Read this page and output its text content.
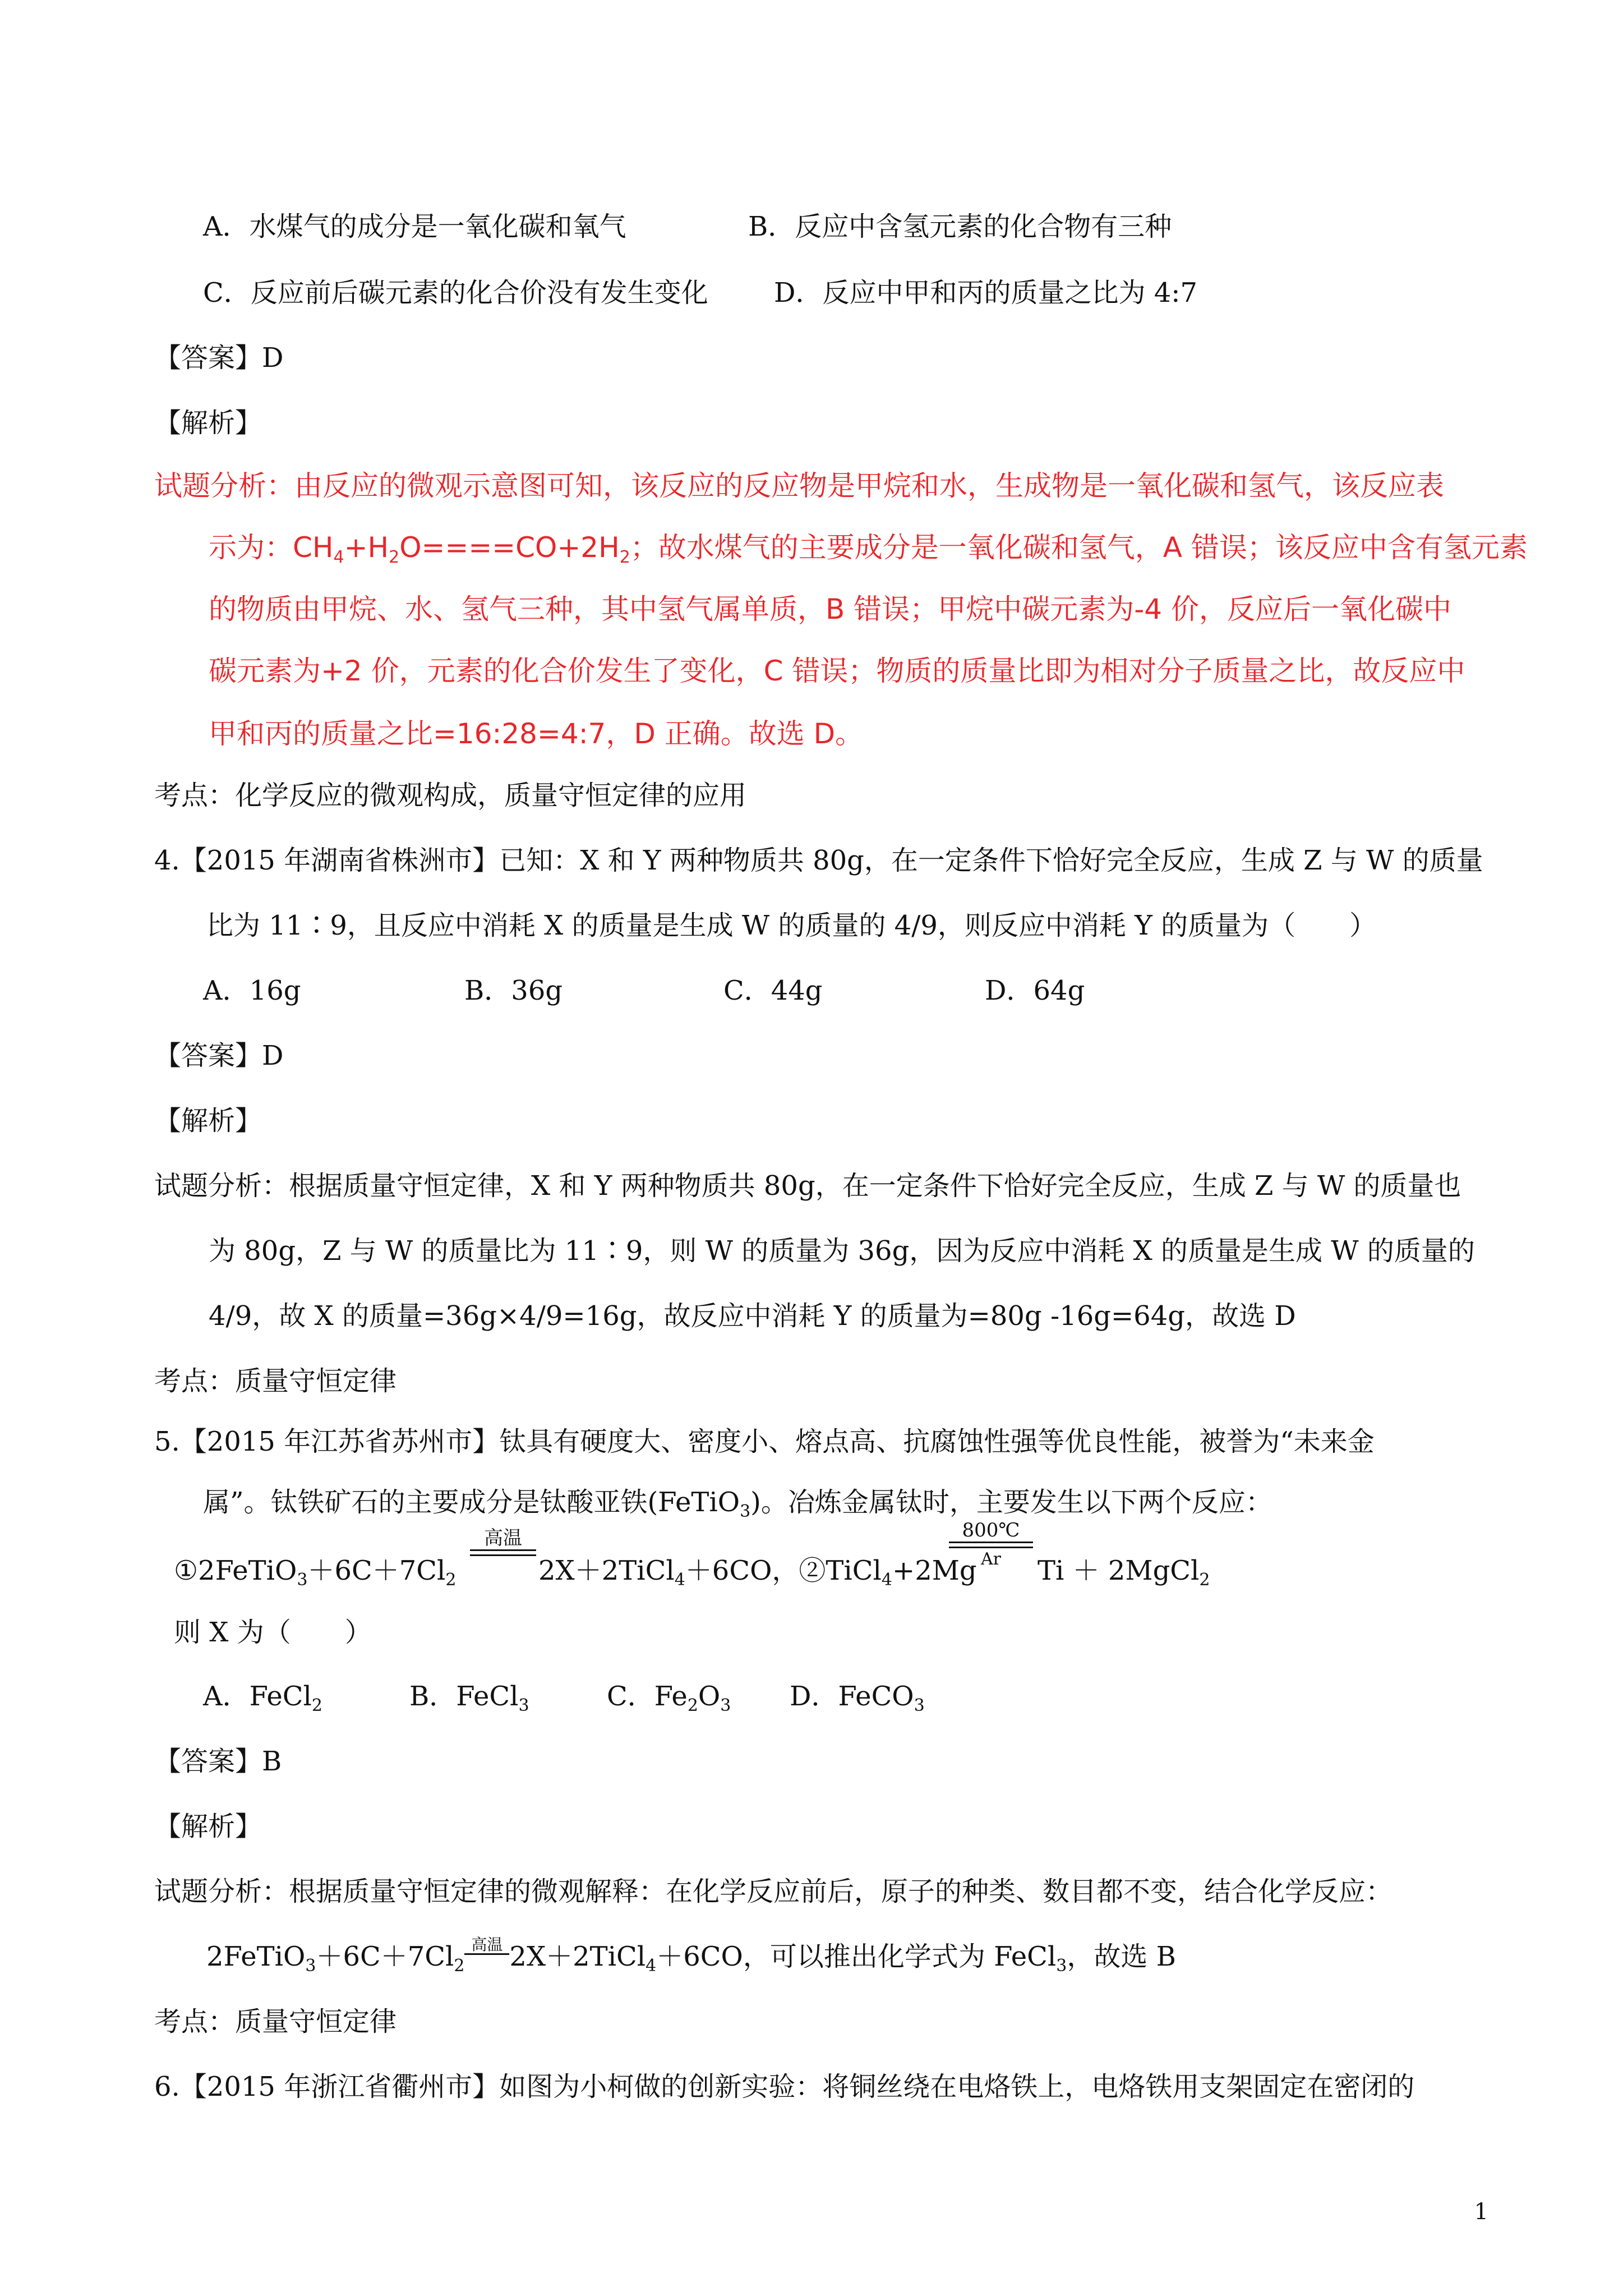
A．水煤气的成分是一氧化碳和氧气	B．反应中含氢元素的化合物有三种
C．反应前后碳元素的化合价没有发生变化 D．反应中甲和丙的质量之比为 4:7
【答案】D
【解析】
试题分析：由反应的微观示意图可知，该反应的反应物是甲烷和水，生成物是一氧化碳和氢气，该反应表
示为：$CH_4+H_2O====CO+2H_2$；故水煤气的主要成分是一氧化碳和氢气，A 错误；该反应中含有氢元素
的物质由甲烷、水、氢气三种，其中氢气属单质，B 错误；甲烷中碳元素为-4 价，反应后一氧化碳中
碳元素为+2 价，元素的化合价发生了变化，C 错误；物质的质量比即为相对分子质量之比，故反应中
甲和丙的质量之比=16:28=4:7，D 正确。故选 D。
考点：化学反应的微观构成，质量守恒定律的应用
4.【2015 年湖南省株洲市】已知：X 和 Y 两种物质共 80g，在一定条件下恰好完全反应，生成 Z 与 W 的质量
比为 11∶9，且反应中消耗 X 的质量是生成 W 的质量的 4/9，则反应中消耗 Y 的质量为（　　）
A．16g	B．36g	C．44g	D．64g
【答案】D
【解析】
试题分析：根据质量守恒定律，X 和 Y 两种物质共 80g，在一定条件下恰好完全反应，生成 Z 与 W 的质量也
为 80g，Z 与 W 的质量比为 11∶9，则 W 的质量为 36g，因为反应中消耗 X 的质量是生成 W 的质量的
4/9，故 X 的质量=36g×4/9=16g，故反应中消耗 Y 的质量为=80g -16g=64g，故选 D
考点：质量守恒定律
5.【2015 年江苏省苏州市】钛具有硬度大、密度小、熔点高、抗腐蚀性强等优良性能，被誉为“未来金
属”。钛铁矿石的主要成分是钛酸亚铁(FeTiO$_3$)。冶炼金属钛时，主要发生以下两个反应：
$①2FeTiO_3+6C+7Cl_2$
高温
2X＋2TiCl$_4$＋6CO，②TiCl$_4$+2Mg
800℃
Ar	Ti ＋ 2MgCl$_2$
则 X 为（　　）
A．FeCl$_2$	B．FeCl$_3$	C．$Fe_2O_3$ D．FeCO$_3$
【答案】B
【解析】
试题分析：根据质量守恒定律的微观解释：在化学反应前后，原子的种类、数目都不变，结合化学反应：
$2FeTiO_3+6C+7Cl_2$
高温 2X＋2TiCl$_4$＋6CO，可以推出化学式为 FeCl$_3$，故选 B
考点：质量守恒定律
6.【2015 年浙江省衢州市】如图为小柯做的创新实验：将铜丝绕在电烙铁上，电烙铁用支架固定在密闭的
1
